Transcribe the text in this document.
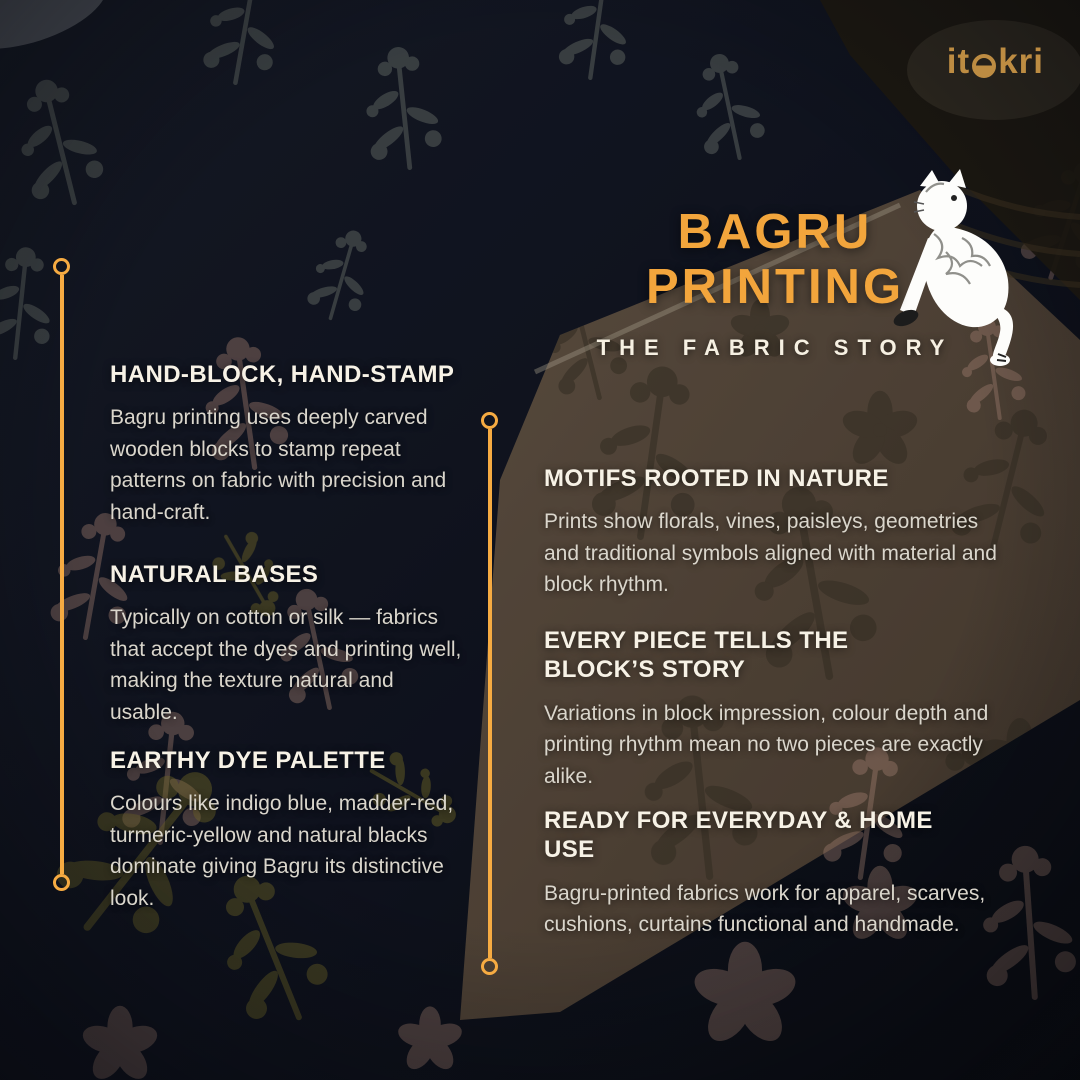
it kri
BAGRU
PRINTING
THE FABRIC STORY
HAND-BLOCK, HAND-STAMP

Bagru printing uses deeply carved wooden blocks to stamp repeat patterns on fabric with precision and hand-craft.

NATURAL BASES

Typically on cotton or silk — fabrics that accept the dyes and printing well, making the texture natural and usable.

EARTHY DYE PALETTE

Colours like indigo blue, madder-red, turmeric-yellow and natural blacks dominate giving Bagru its distinctive look.

MOTIFS ROOTED IN NATURE

Prints show florals, vines, paisleys, geometries and traditional symbols aligned with material and block rhythm.

EVERY PIECE TELLS THE BLOCK’S STORY

Variations in block impression, colour depth and printing rhythm mean no two pieces are exactly alike.

READY FOR EVERYDAY & HOME USE

Bagru-printed fabrics work for apparel, scarves, cushions, curtains functional and handmade.
